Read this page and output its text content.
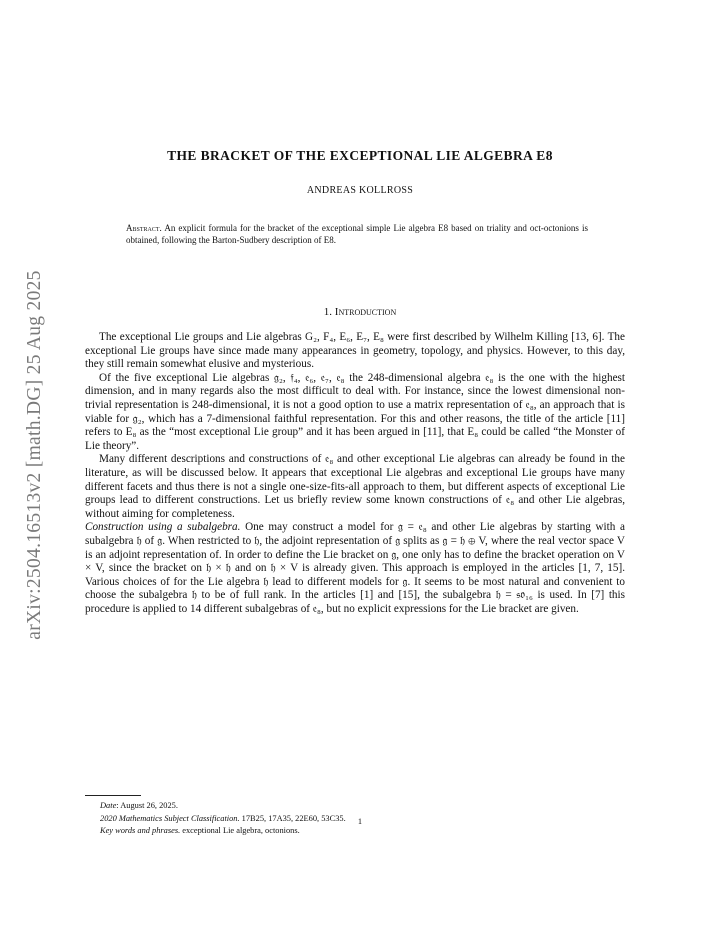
arXiv:2504.16513v2 [math.DG] 25 Aug 2025
THE BRACKET OF THE EXCEPTIONAL LIE ALGEBRA E8
ANDREAS KOLLROSS
Abstract. An explicit formula for the bracket of the exceptional simple Lie algebra E8 based on triality and oct-octonions is obtained, following the Barton-Sudbery description of E8.
1. Introduction

The exceptional Lie groups and Lie algebras G₂, F₄, E₆, E₇, E₈ were first described by Wilhelm Killing [13, 6]. The exceptional Lie groups have since made many appearances in geometry, topology, and physics. However, to this day, they still remain somewhat elusive and mysterious.

Of the five exceptional Lie algebras 𝔤₂, 𝔣₄, 𝔢₆, 𝔢₇, 𝔢₈ the 248-dimensional algebra 𝔢₈ is the one with the highest dimension, and in many regards also the most difficult to deal with. For instance, since the lowest dimensional non-trivial representation is 248-dimensional, it is not a good option to use a matrix representation of 𝔢₈, an approach that is viable for 𝔤₂, which has a 7-dimensional faithful representation. For this and other reasons, the title of the article [11] refers to E₈ as the “most exceptional Lie group” and it has been argued in [11], that E₈ could be called “the Monster of Lie theory”.

Many different descriptions and constructions of 𝔢₈ and other exceptional Lie algebras can already be found in the literature, as will be discussed below. It appears that exceptional Lie algebras and exceptional Lie groups have many different facets and thus there is not a single one-size-fits-all approach to them, but different aspects of exceptional Lie groups lead to different constructions. Let us briefly review some known constructions of 𝔢₈ and other Lie algebras, without aiming for completeness.

Construction using a subalgebra. One may construct a model for 𝔤 = 𝔢₈ and other Lie algebras by starting with a subalgebra 𝔥 of 𝔤. When restricted to 𝔥, the adjoint representation of 𝔤 splits as 𝔤 = 𝔥 ⊕ V, where the real vector space V is an adjoint representation of. In order to define the Lie bracket on 𝔤, one only has to define the bracket operation on V × V, since the bracket on 𝔥 × 𝔥 and on 𝔥 × V is already given. This approach is employed in the articles [1, 7, 15]. Various choices of for the Lie algebra 𝔥 lead to different models for 𝔤. It seems to be most natural and convenient to choose the subalgebra 𝔥 to be of full rank. In the articles [1] and [15], the subalgebra 𝔥 = 𝔰𝔬₁₆ is used. In [7] this procedure is applied to 14 different subalgebras of 𝔢₈, but no explicit expressions for the Lie bracket are given.

Date: August 26, 2025.
2020 Mathematics Subject Classification. 17B25, 17A35, 22E60, 53C35.
Key words and phrases. exceptional Lie algebra, octonions.
1
